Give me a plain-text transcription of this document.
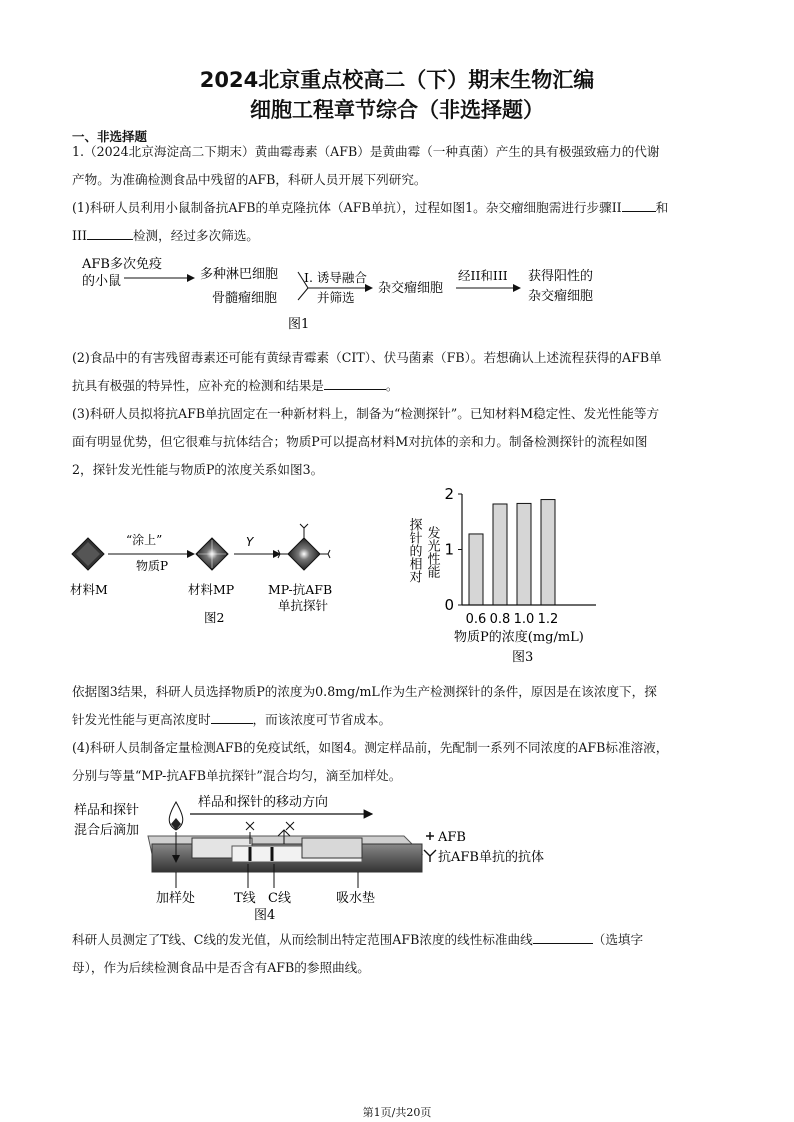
2024北京重点校高二（下）期末生物汇编
细胞工程章节综合（非选择题）
一、非选择题
1.（2024北京海淀高二下期末）黄曲霉毒素（AFB）是黄曲霉（一种真菌）产生的具有极强致癌力的代谢
产物。为准确检测食品中残留的AFB，科研人员开展下列研究。
(1)科研人员利用小鼠制备抗AFB的单克隆抗体（AFB单抗），过程如图1。杂交瘤细胞需进行步骤II	和
III	检测，经过多次筛选。
AFB多次免疫
的小鼠	多种淋巴细胞
骨髓瘤细胞
I. 诱导融合
并筛选
杂交瘤细胞
经II和III 获得阳性的
杂交瘤细胞
图1
(2)食品中的有害残留毒素还可能有黄绿青霉素（CIT）、伏马菌素（FB）。若想确认上述流程获得的AFB单
抗具有极强的特异性，应补充的检测和结果是	。
(3)科研人员拟将抗AFB单抗固定在一种新材料上，制备为“检测探针”。已知材料M稳定性、发光性能等方
面有明显优势，但它很难与抗体结合；物质P可以提高材料M对抗体的亲和力。制备检测探针的流程如图
2，探针发光性能与物质P的浓度关系如图3。
“涂上”
物质P
Y
材料M	材料MP	MP-抗AFB
单抗探针
图2
0
1
2
0.6 0.8 1.0 1.2
探针的相对 发光性能
物质P的浓度(mg/mL)
图3
依据图3结果，科研人员选择物质P的浓度为0.8mg/mL作为生产检测探针的条件，原因是在该浓度下，探
针发光性能与更高浓度时	，而该浓度可节省成本。
(4)科研人员制备定量检测AFB的免疫试纸，如图4。测定样品前，先配制一系列不同浓度的AFB标准溶液，
分别与等量“MP-抗AFB单抗探针”混合均匀，滴至加样处。
样品和探针
混合后滴加
样品和探针的移动方向
加样处	T线 C线	吸水垫
图4
AFB
抗AFB单抗的抗体
科研人员测定了T线、C线的发光值，从而绘制出特定范围AFB浓度的线性标准曲线	（选填字
母），作为后续检测食品中是否含有AFB的参照曲线。
第1页/共20页
